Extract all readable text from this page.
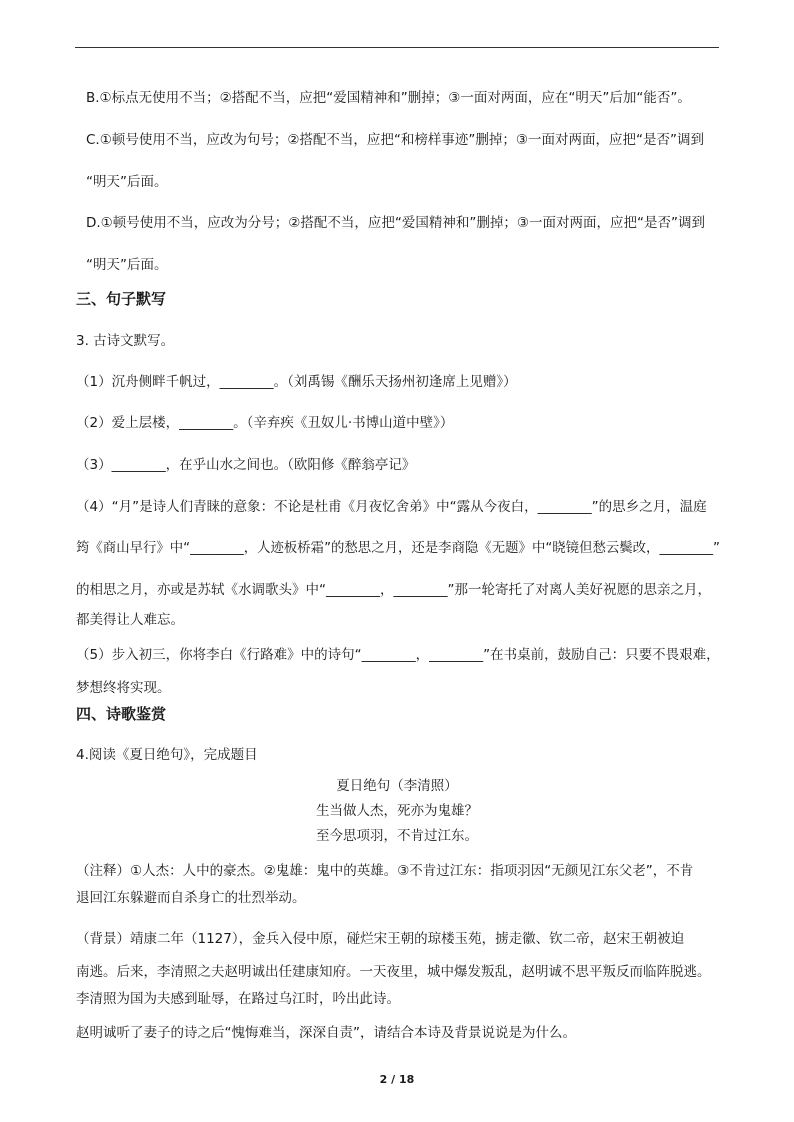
B.①标点无使用不当；②搭配不当，应把“爱国精神和”删掉；③一面对两面，应在“明天”后加“能否”。
C.①顿号使用不当，应改为句号；②搭配不当，应把“和榜样事迹”删掉；③一面对两面，应把“是否”调到
“明天”后面。
D.①顿号使用不当，应改为分号；②搭配不当，应把“爱国精神和”删掉；③一面对两面，应把“是否”调到
“明天”后面。
三、句子默写
3. 古诗文默写。
（1）沉舟侧畔千帆过，________。（刘禹锡《酬乐天扬州初逢席上见赠》）
（2）爱上层楼，________。（辛弃疾《丑奴儿·书博山道中壁》）
（3）________，在乎山水之间也。（欧阳修《醉翁亭记》
（4）“月”是诗人们青睐的意象：不论是杜甫《月夜忆舍弟》中“露从今夜白，________”的思乡之月，温庭
筠《商山早行》中“________，人迹板桥霜”的愁思之月，还是李商隐《无题》中“晓镜但愁云鬓改，________”
的相思之月，亦或是苏轼《水调歌头》中“________，________”那一轮寄托了对离人美好祝愿的思亲之月，
都美得让人难忘。
（5）步入初三，你将李白《行路难》中的诗句“________，________”在书桌前，鼓励自己：只要不畏艰难，
梦想终将实现。
四、诗歌鉴赏
4.阅读《夏日绝句》，完成题目
夏日绝句（李清照）
生当做人杰，死亦为鬼雄？
至今思项羽，不肯过江东。
（注释）①人杰：人中的豪杰。②鬼雄：鬼中的英雄。③不肯过江东：指项羽因“无颜见江东父老”，不肯
退回江东躲避而自杀身亡的壮烈举动。
（背景）靖康二年（1127），金兵入侵中原，碰烂宋王朝的琼楼玉苑，掳走徽、钦二帝，赵宋王朝被迫
南逃。后来，李清照之夫赵明诚出任建康知府。一天夜里，城中爆发叛乱，赵明诚不思平叛反而临阵脱逃。
李清照为国为夫感到耻辱，在路过乌江时，吟出此诗。
赵明诚听了妻子的诗之后“愧悔难当，深深自责”，请结合本诗及背景说说是为什么。
2 / 18
